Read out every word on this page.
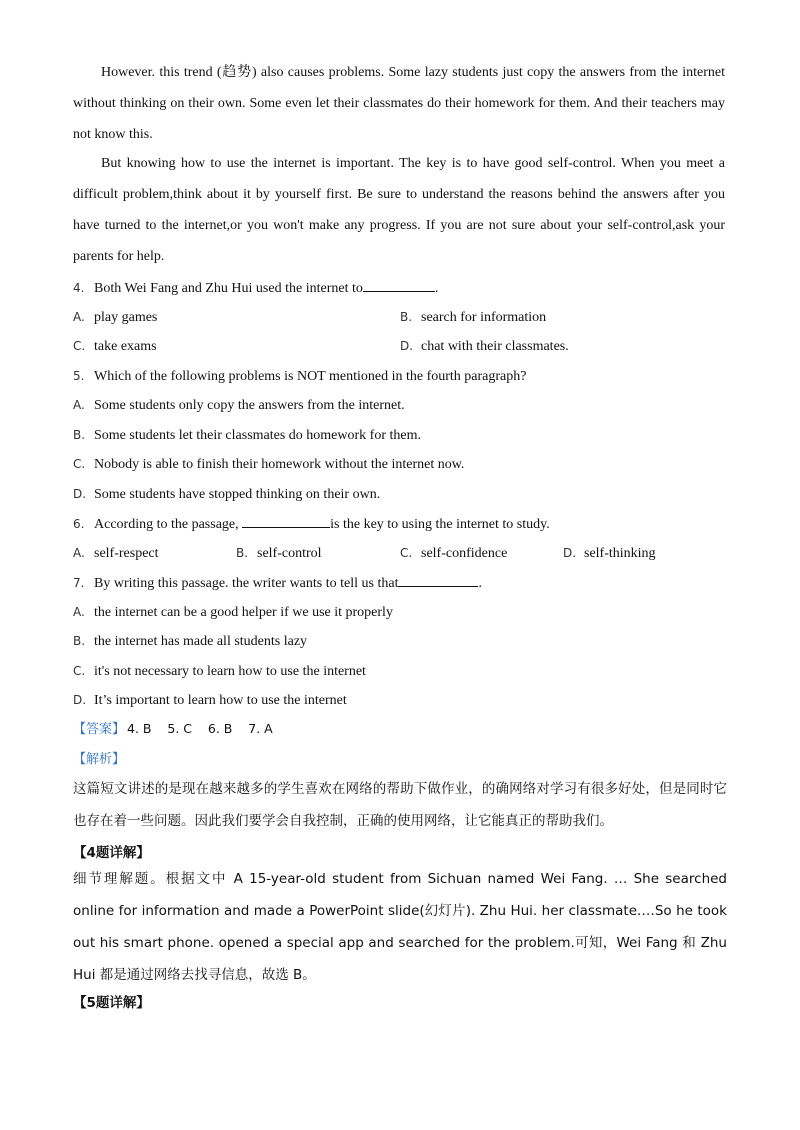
However. this trend (趋势) also causes problems. Some lazy students just copy the answers from the internet without thinking on their own. Some even let their classmates do their homework for them. And their teachers may not know this.

But knowing how to use the internet is important. The key is to have good self-control. When you meet a difficult problem,think about it by yourself first. Be sure to understand the reasons behind the answers after you have turned to the internet,or you won't make any progress. If you are not sure about your self-control,ask your parents for help.

4. Both Wei Fang and Zhu Hui used the internet to	.
A. play games	B. search for information
C. take exams	D. chat with their classmates.
5. Which of the following problems is NOT mentioned in the fourth paragraph?
A. Some students only copy the answers from the internet.
B. Some students let their classmates do homework for them.
C. Nobody is able to finish their homework without the internet now.
D. Some students have stopped thinking on their own.
6. According to the passage,	is the key to using the internet to study.
A. self-respect	B. self-control	C. self-confidence	D. self-thinking
7. By writing this passage. the writer wants to tell us that	.
A. the internet can be a good helper if we use it properly
B. the internet has made all students lazy
C. it's not necessary to learn how to use the internet
D. It’s important to learn how to use the internet
【答案】 4. B    5. C    6. B    7. A
【解析】

这篇短文讲述的是现在越来越多的学生喜欢在网络的帮助下做作业，的确网络对学习有很多好处，但是同时它也存在着一些问题。因此我们要学会自我控制，正确的使用网络，让它能真正的帮助我们。

【4题详解】

细节理解题。根据文中 A 15-year-old student from Sichuan named Wei Fang. … She searched online for information and made a PowerPoint slide(幻灯片). Zhu Hui. her classmate.…So he took out his smart phone. opened a special app and searched for the problem.可知，Wei Fang 和 Zhu Hui 都是通过网络去找寻信息，故选 B。

【5题详解】
